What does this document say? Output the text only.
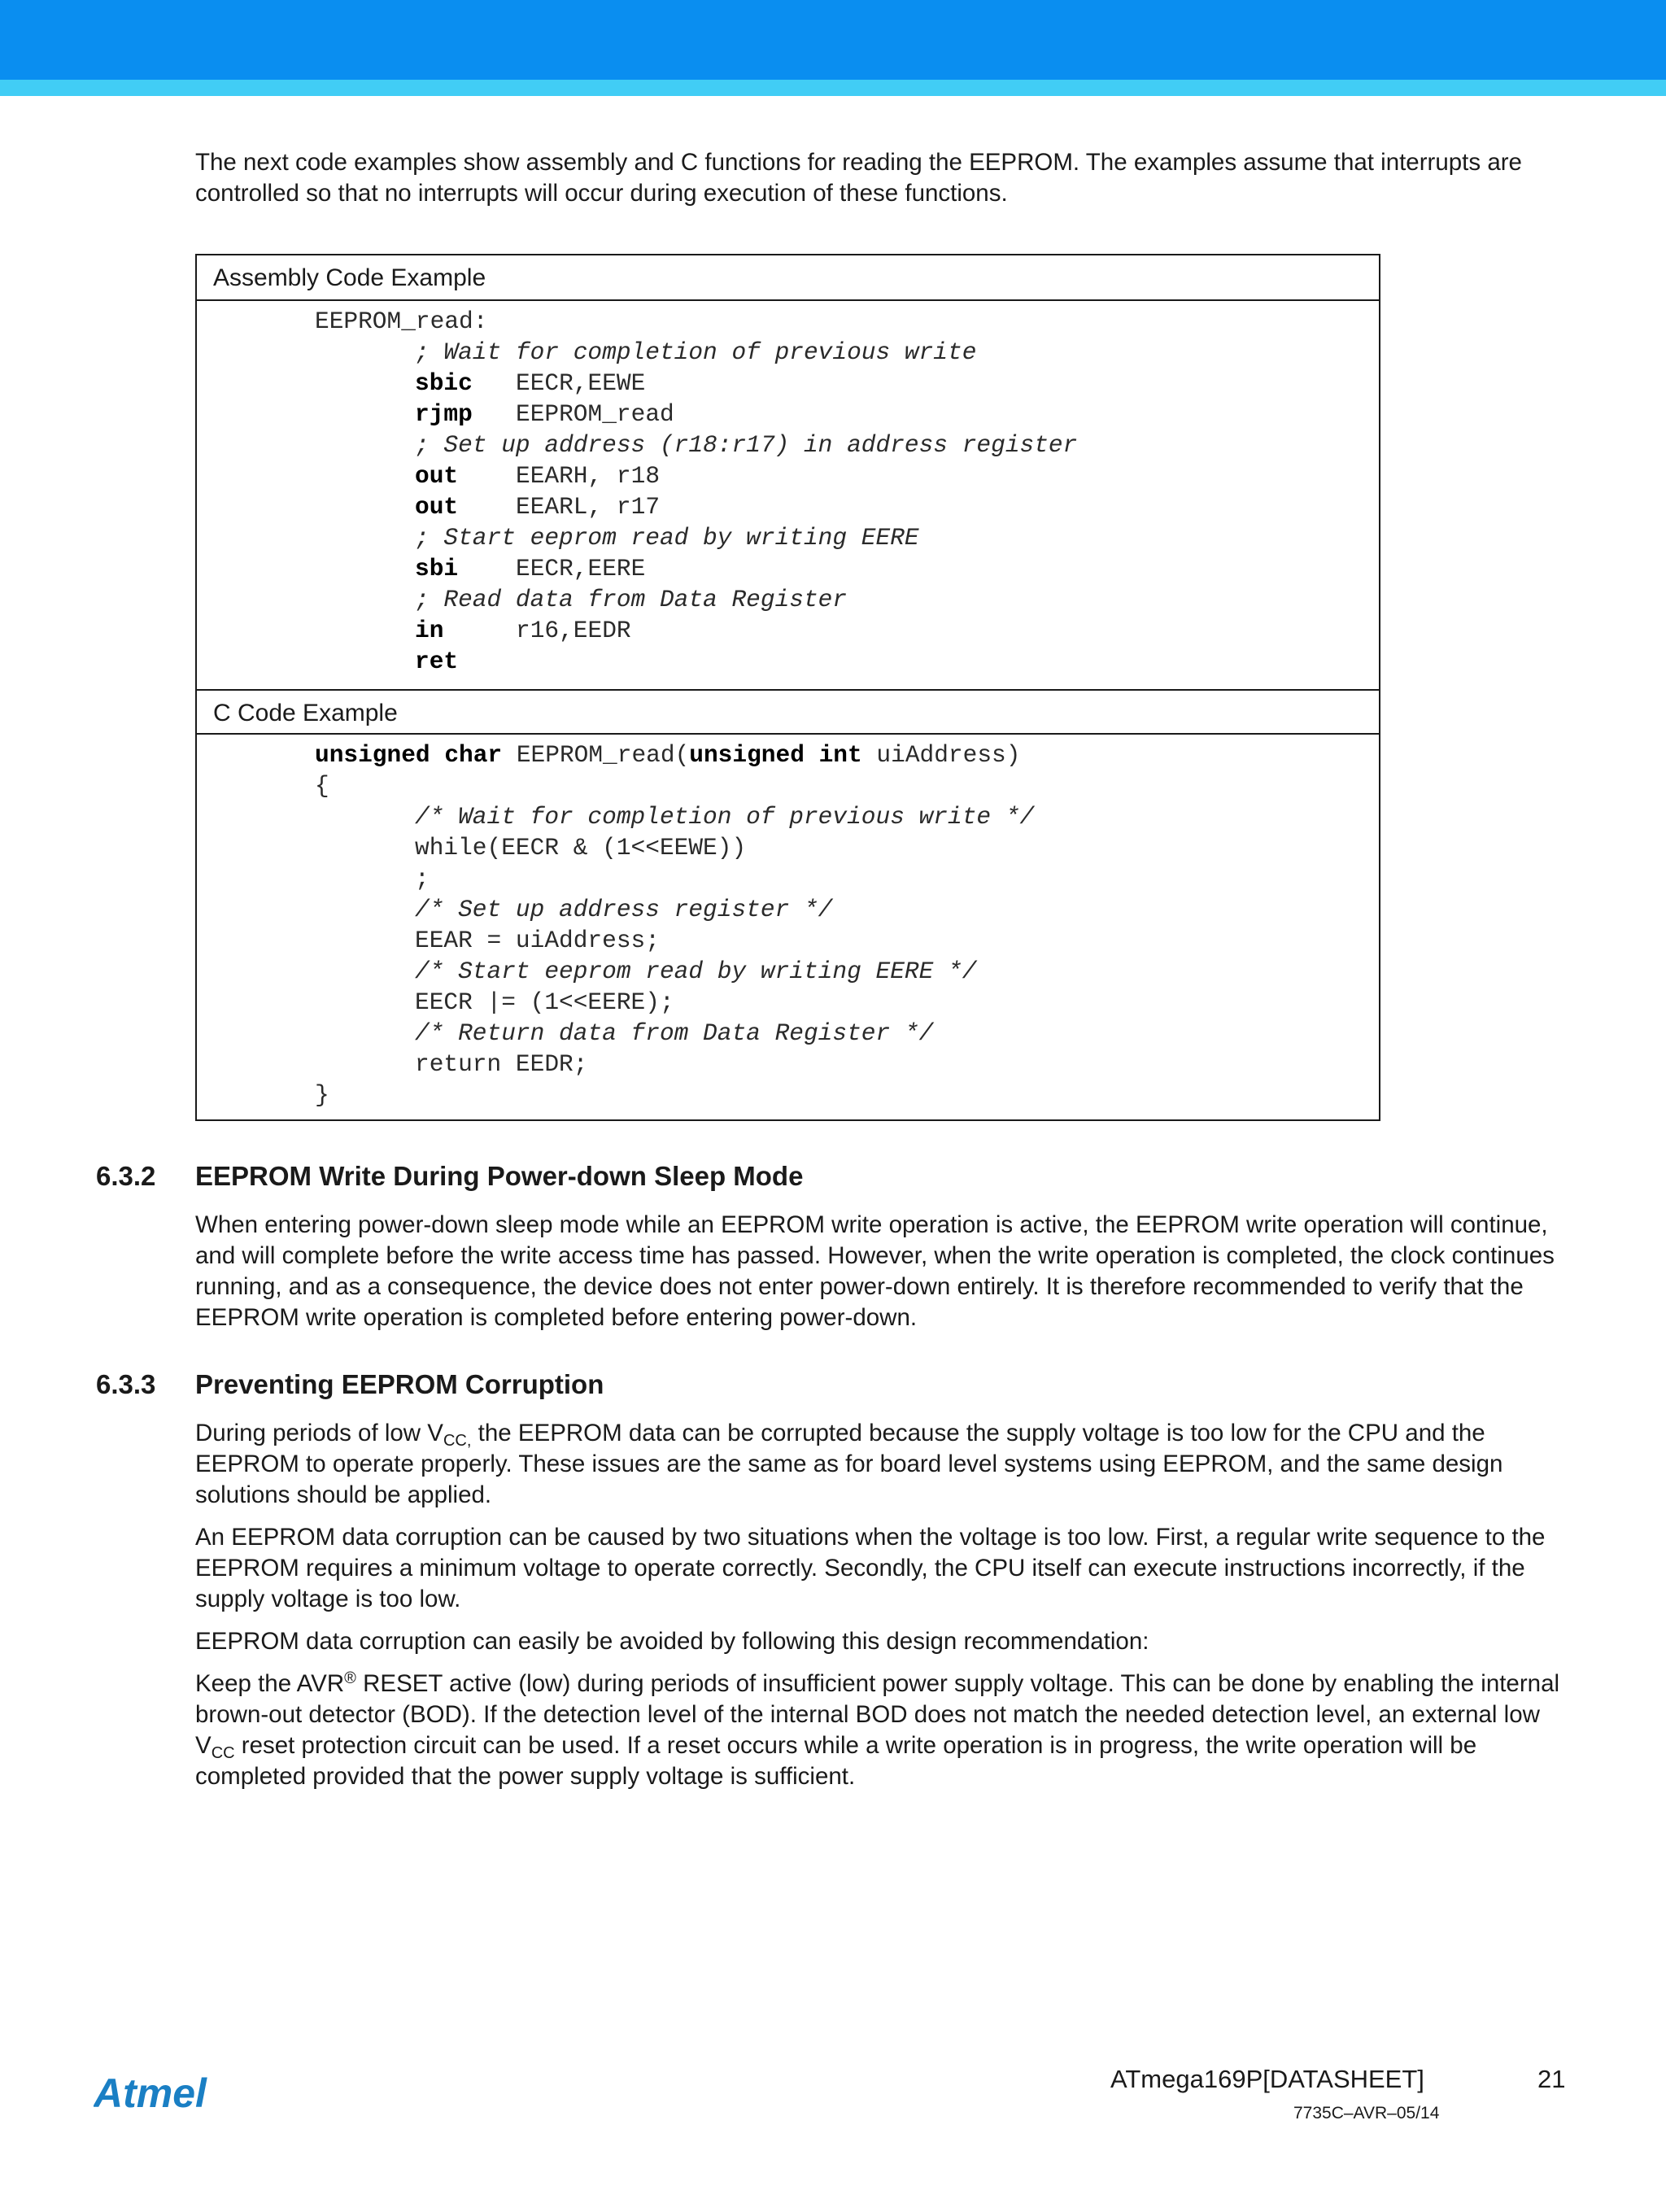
The next code examples show assembly and C functions for reading the EEPROM. The examples assume that interrupts are controlled so that no interrupts will occur during execution of these functions.

Assembly Code Example
EEPROM_read:
; Wait for completion of previous write
sbic EECR,EEWE
rjmp EEPROM_read
; Set up address (r18:r17) in address register
out EEARH, r18
out EEARL, r17
; Start eeprom read by writing EERE
sbi EECR,EERE
; Read data from Data Register
in	r16,EEDR
ret
C Code Example
unsigned char EEPROM_read(unsigned int uiAddress)
{
/* Wait for completion of previous write */
while(EECR & (1<<EEWE))
;
/* Set up address register */
EEAR = uiAddress;
/* Start eeprom read by writing EERE */
EECR |= (1<<EERE);
/* Return data from Data Register */
return EEDR;
}
6.3.2 EEPROM Write During Power-down Sleep Mode

When entering power-down sleep mode while an EEPROM write operation is active, the EEPROM write operation will continue, and will complete before the write access time has passed. However, when the write operation is completed, the clock continues running, and as a consequence, the device does not enter power-down entirely. It is therefore recommended to verify that the EEPROM write operation is completed before entering power-down.

6.3.3 Preventing EEPROM Corruption

During periods of low $V_{CC,}$ the EEPROM data can be corrupted because the supply voltage is too low for the CPU and the EEPROM to operate properly. These issues are the same as for board level systems using EEPROM, and the same design solutions should be applied.

An EEPROM data corruption can be caused by two situations when the voltage is too low. First, a regular write sequence to the EEPROM requires a minimum voltage to operate correctly. Secondly, the CPU itself can execute instructions incorrectly, if the supply voltage is too low.

EEPROM data corruption can easily be avoided by following this design recommendation:

Keep the AVR® RESET active (low) during periods of insufficient power supply voltage. This can be done by enabling the internal brown-out detector (BOD). If the detection level of the internal BOD does not match the needed detection level, an external low $V_{CC}$ reset protection circuit can be used. If a reset occurs while a write operation is in progress, the write operation will be completed provided that the power supply voltage is sufficient.

Atmel	ATmega169P[DATASHEET]	21
7735C–AVR–05/14
